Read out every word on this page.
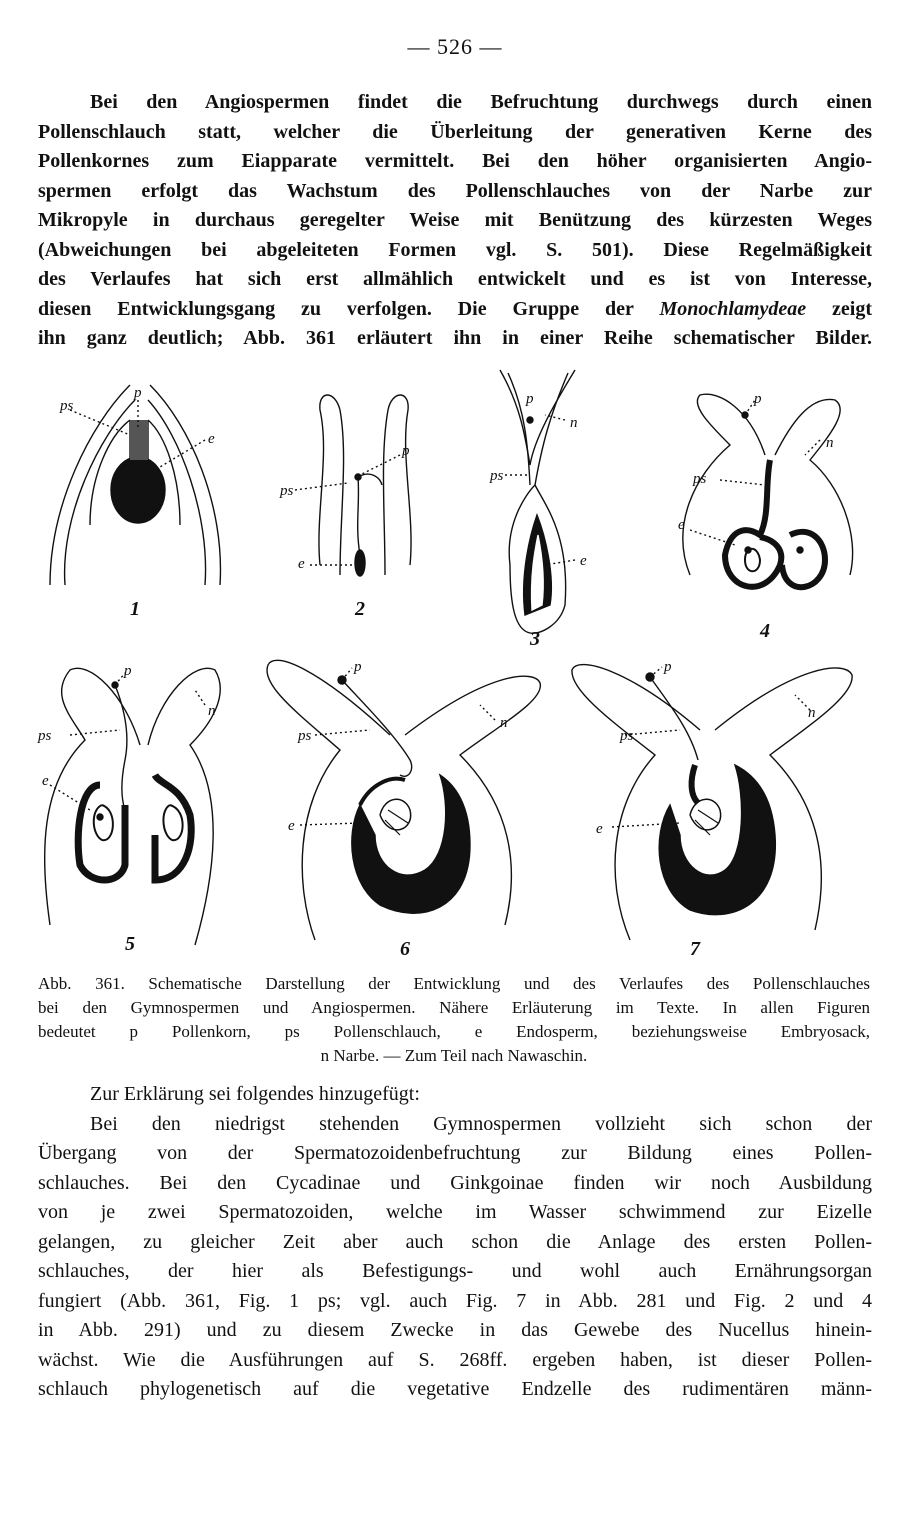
— 526 —

Bei den Angiospermen findet die Befruchtung durchwegs durch einen
Pollenschlauch statt, welcher die Überleitung der generativen Kerne des
Pollenkornes zum Eiapparate vermittelt. Bei den höher organisierten Angio-
spermen erfolgt das Wachstum des Pollenschlauches von der Narbe zur
Mikropyle in durchaus geregelter Weise mit Benützung des kürzesten Weges
(Abweichungen bei abgeleiteten Formen vgl. S. 501). Diese Regelmäßigkeit
des Verlaufes hat sich erst allmählich entwickelt und es ist von Interesse,
diesen Entwicklungsgang zu verfolgen. Die Gruppe der Monochlamydeae zeigt
ihn ganz deutlich; Abb. 361 erläutert ihn in einer Reihe schematischer Bilder.

ps
p
e
1
ps
p
e
2
ps
p
n
e
3
ps
p
n
e
4
ps
p
n
e
5
ps
p
n
e
6
ps
p
n
e
7

Abb. 361. Schematische Darstellung der Entwicklung und des Verlaufes des Pollenschlauches
bei den Gymnospermen und Angiospermen. Nähere Erläuterung im Texte. In allen Figuren
bedeutet p Pollenkorn, ps Pollenschlauch, e Endosperm, beziehungsweise Embryosack,
n Narbe. — Zum Teil nach Nawaschin.

Zur Erklärung sei folgendes hinzugefügt:
Bei den niedrigst stehenden Gymnospermen vollzieht sich schon der
Übergang von der Spermatozoidenbefruchtung zur Bildung eines Pollen-
schlauches. Bei den Cycadinae und Ginkgoinae finden wir noch Ausbildung
von je zwei Spermatozoiden, welche im Wasser schwimmend zur Eizelle
gelangen, zu gleicher Zeit aber auch schon die Anlage des ersten Pollen-
schlauches, der hier als Befestigungs- und wohl auch Ernährungsorgan
fungiert (Abb. 361, Fig. 1 ps; vgl. auch Fig. 7 in Abb. 281 und Fig. 2 und 4
in Abb. 291) und zu diesem Zwecke in das Gewebe des Nucellus hinein-
wächst. Wie die Ausführungen auf S. 268ff. ergeben haben, ist dieser Pollen-
schlauch phylogenetisch auf die vegetative Endzelle des rudimentären männ-
